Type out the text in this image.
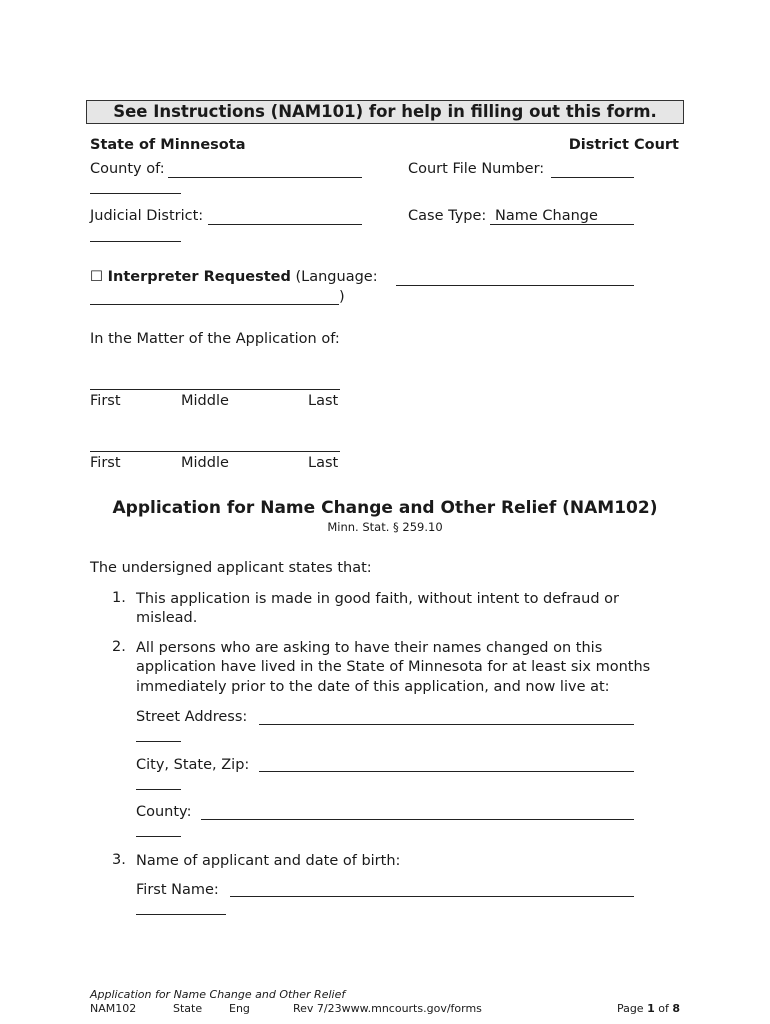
See Instructions (NAM101) for help in filling out this form.
State of Minnesota	District Court
County of:	Court File Number:
Judicial District:	Case Type: Name Change
☐ Interpreter Requested (Language:
)
In the Matter of the Application of:
First	Middle	Last
First	Middle	Last
Application for Name Change and Other Relief (NAM102)
Minn. Stat. § 259.10
The undersigned applicant states that:
1. This application is made in good faith, without intent to defraud or
mislead.
2. All persons who are asking to have their names changed on this
application have lived in the State of Minnesota for at least six months
immediately prior to the date of this application, and now live at:
Street Address:
City, State, Zip:
County:
3. Name of applicant and date of birth:
First Name:
Application for Name Change and Other Relief
NAM102	State Eng	Rev 7/23www.mncourts.gov/forms	Page 1 of 8
